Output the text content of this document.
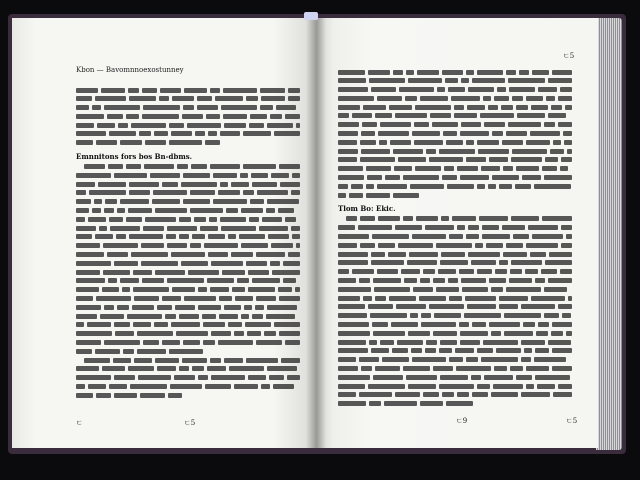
Kbon — Bavomnnoexostunney
Emnnitons fors bos Bn-dbms.
ㄷ	ㄷ5
ㄷ5
Tlom Bo: Ekic.
ㄷ9	ㄷ5
